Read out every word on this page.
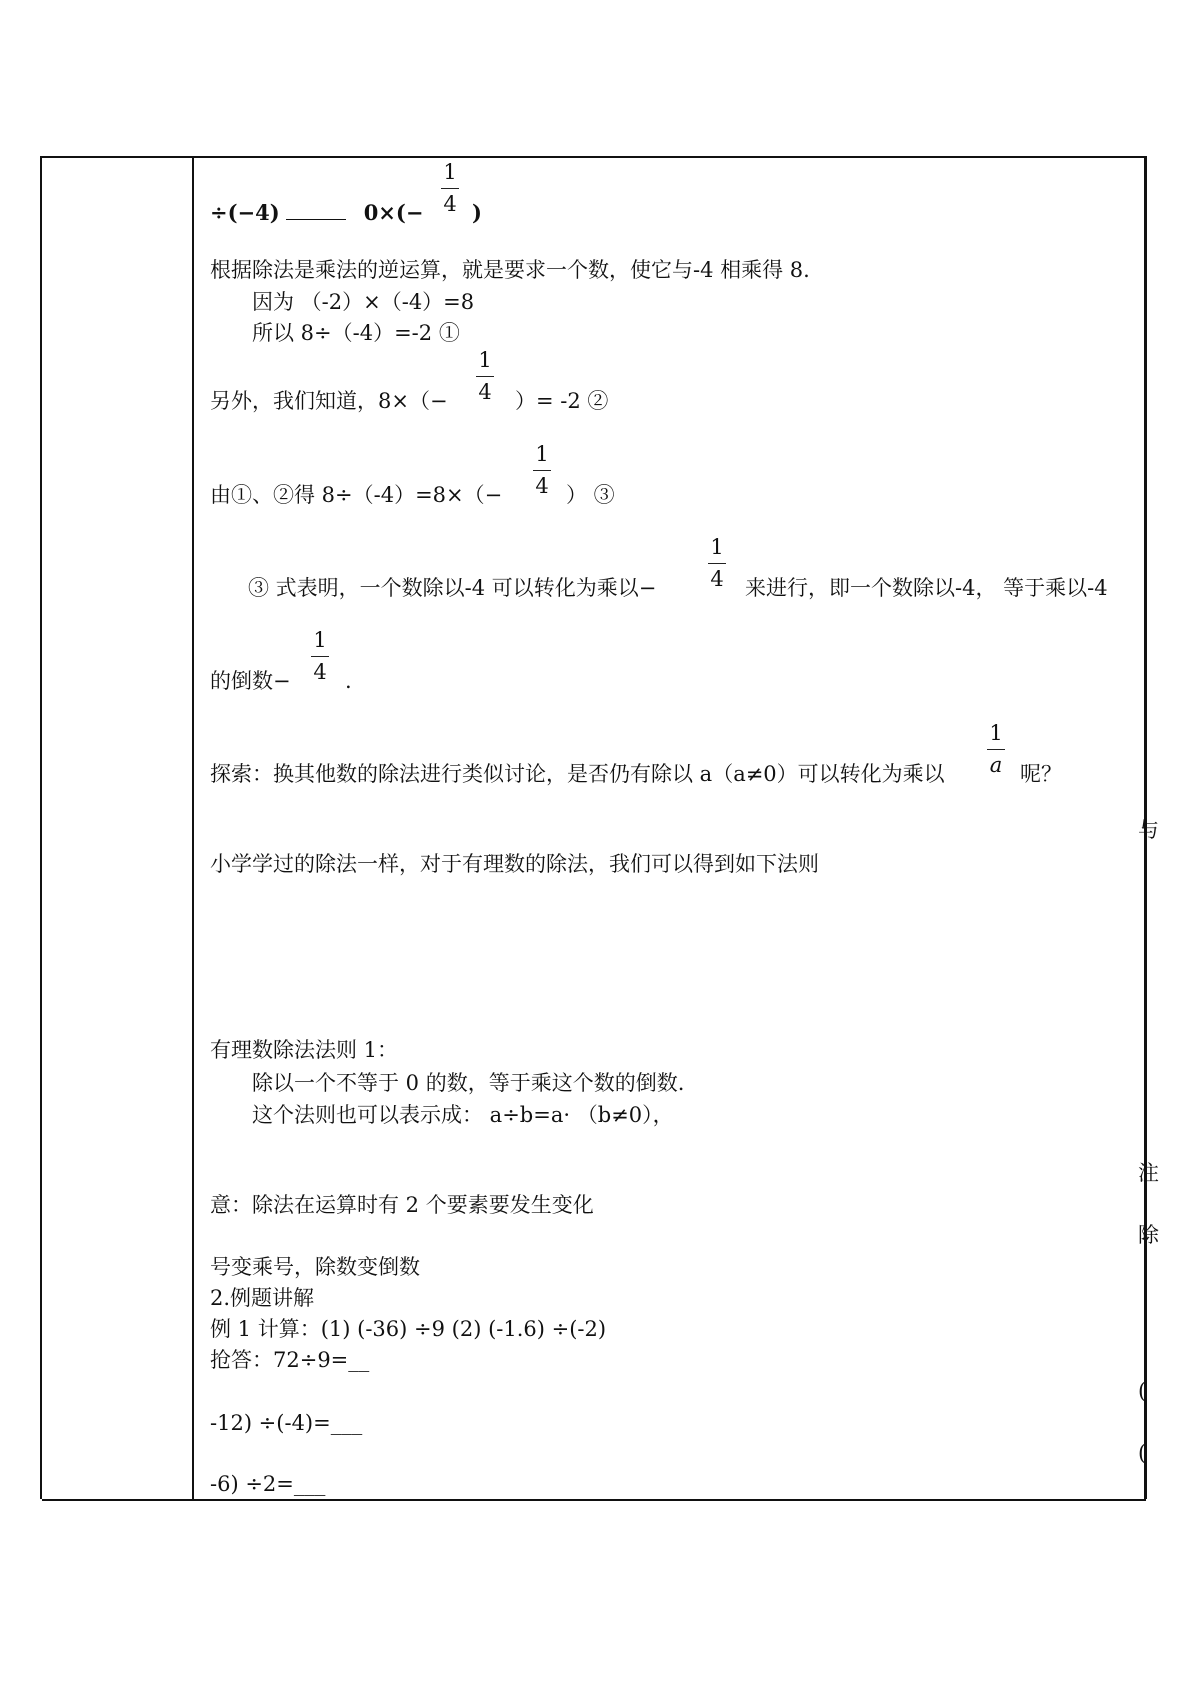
÷(−4)	0×(−
1
4 )
根据除法是乘法的逆运算，就是要求一个数，使它与-4 相乘得 8.
因为 （-2）×（-4）=8
所以 8÷（-4）=-2 ①
另外，我们知道，8×（−
1
4 ）= -2 ②
由①、②得 8÷（-4）=8×（−
1
4 ） ③
③ 式表明，一个数除以-4 可以转化为乘以−
1
4 来进行，即一个数除以-4， 等于乘以-4
的倒数−
1
4 .
探索：换其他数的除法进行类似讨论，是否仍有除以 a（a≠0）可以转化为乘以
1
a 呢？
小学学过的除法一样，对于有理数的除法，我们可以得到如下法则
有理数除法法则 1：
除以一个不等于 0 的数，等于乘这个数的倒数.
这个法则也可以表示成： a÷b=a· （b≠0），
意：除法在运算时有 2 个要素要发生变化
号变乘号，除数变倒数
2.例题讲解
例 1 计算：(1) (-36) ÷9 (2) (-1.6) ÷(-2)
抢答：72÷9=__
-12) ÷(-4)=___
-6) ÷2=___
与
注
除
(
(
